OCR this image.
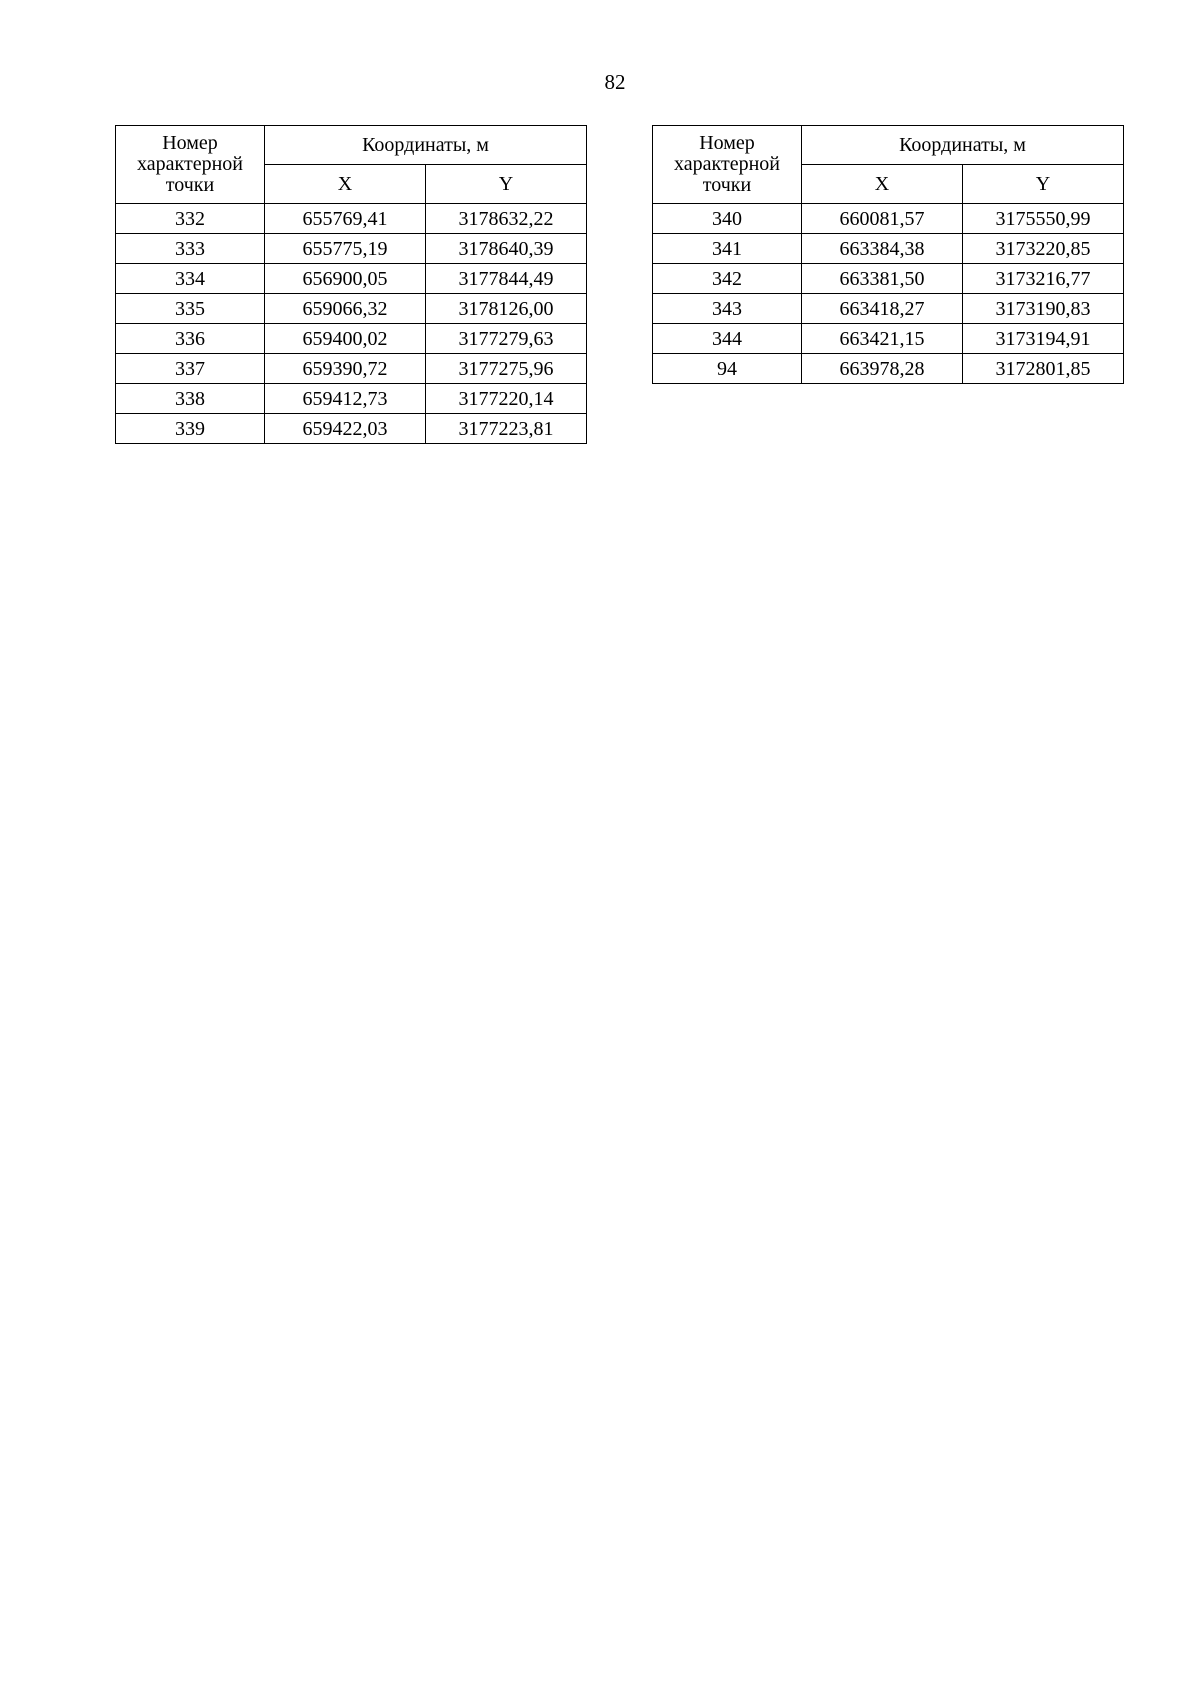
82
Номер характерной точки	Координаты, м	
	X	Y
332	655769,41	3178632,22
333	655775,19	3178640,39
334	656900,05	3177844,49
335	659066,32	3178126,00
336	659400,02	3177279,63
337	659390,72	3177275,96
338	659412,73	3177220,14
339	659422,03	3177223,81
Номер характерной точки	Координаты, м	
	X	Y
340	660081,57	3175550,99
341	663384,38	3173220,85
342	663381,50	3173216,77
343	663418,27	3173190,83
344	663421,15	3173194,91
94	663978,28	3172801,85
